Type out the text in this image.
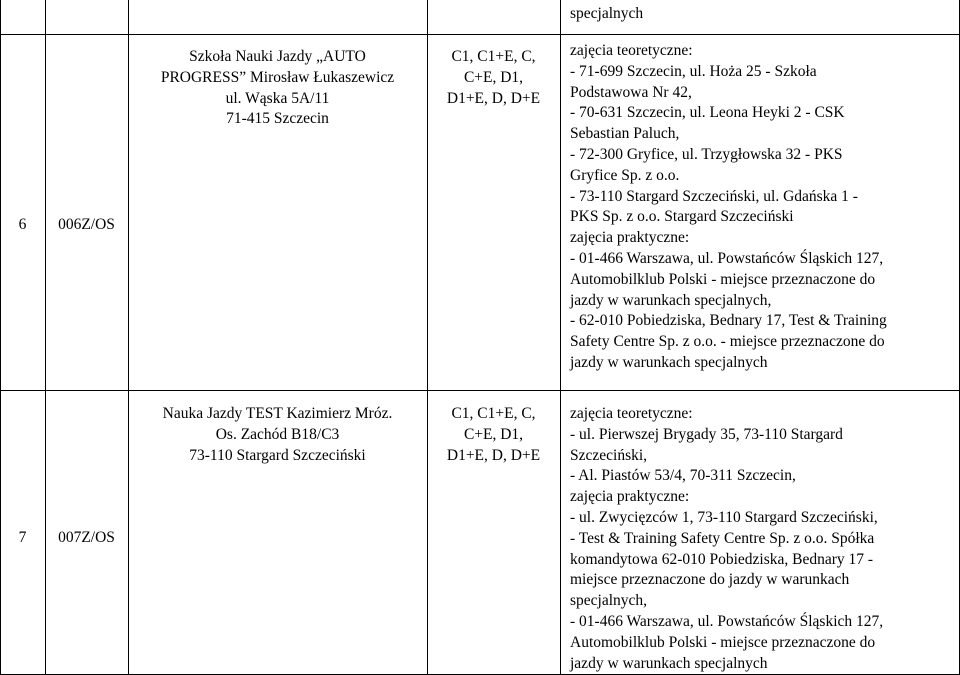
specjalnych
6	006Z/OS
Szkoła Nauki Jazdy „AUTO
PROGRESS” Mirosław Łukaszewicz
ul. Wąska 5A/11
71-415 Szczecin
C1, C1+E, C,
C+E, D1,
D1+E, D, D+E
zajęcia teoretyczne:
- 71-699 Szczecin, ul. Hoża 25 - Szkoła
Podstawowa Nr 42,
- 70-631 Szczecin, ul. Leona Heyki 2 - CSK
Sebastian Paluch,
- 72-300 Gryfice, ul. Trzygłowska 32 - PKS
Gryfice Sp. z o.o.
- 73-110 Stargard Szczeciński, ul. Gdańska 1 -
PKS Sp. z o.o. Stargard Szczeciński
zajęcia praktyczne:
- 01-466 Warszawa, ul. Powstańców Śląskich 127,
Automobilklub Polski - miejsce przeznaczone do
jazdy w warunkach specjalnych,
- 62-010 Pobiedziska, Bednary 17, Test & Training
Safety Centre Sp. z o.o. - miejsce przeznaczone do
jazdy w warunkach specjalnych
7	007Z/OS
Nauka Jazdy TEST Kazimierz Mróz.
Os. Zachód B18/C3
73-110 Stargard Szczeciński
C1, C1+E, C,
C+E, D1,
D1+E, D, D+E
zajęcia teoretyczne:
- ul. Pierwszej Brygady 35, 73-110 Stargard
Szczeciński,
- Al. Piastów 53/4, 70-311 Szczecin,
zajęcia praktyczne:
- ul. Zwycięzców 1, 73-110 Stargard Szczeciński,
- Test & Training Safety Centre Sp. z o.o. Spółka
komandytowa 62-010 Pobiedziska, Bednary 17 -
miejsce przeznaczone do jazdy w warunkach
specjalnych,
- 01-466 Warszawa, ul. Powstańców Śląskich 127,
Automobilklub Polski - miejsce przeznaczone do
jazdy w warunkach specjalnych
